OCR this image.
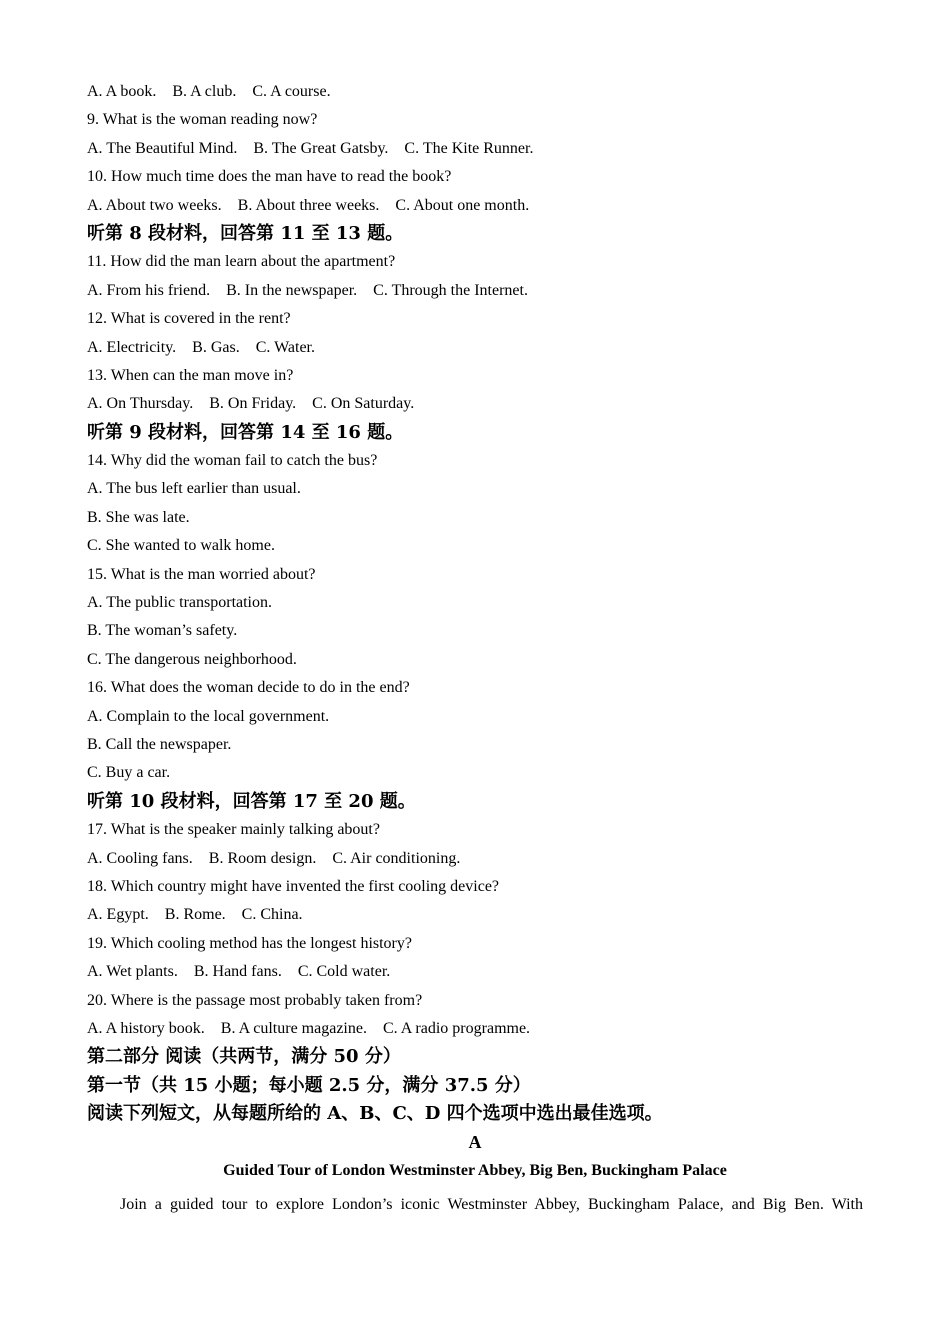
A. A book.    B. A club.    C. A course.
9. What is the woman reading now?
A. The Beautiful Mind.    B. The Great Gatsby.    C. The Kite Runner.
10. How much time does the man have to read the book?
A. About two weeks.    B. About three weeks.    C. About one month.
听第 8 段材料，回答第 11 至 13 题。
11. How did the man learn about the apartment?
A. From his friend.    B. In the newspaper.    C. Through the Internet.
12. What is covered in the rent?
A. Electricity.    B. Gas.    C. Water.
13. When can the man move in?
A. On Thursday.    B. On Friday.    C. On Saturday.
听第 9 段材料，回答第 14 至 16 题。
14. Why did the woman fail to catch the bus?
A. The bus left earlier than usual.
B. She was late.
C. She wanted to walk home.
15. What is the man worried about?
A. The public transportation.
B. The woman’s safety.
C. The dangerous neighborhood.
16. What does the woman decide to do in the end?
A. Complain to the local government.
B. Call the newspaper.
C. Buy a car.
听第 10 段材料，回答第 17 至 20 题。
17. What is the speaker mainly talking about?
A. Cooling fans.    B. Room design.    C. Air conditioning.
18. Which country might have invented the first cooling device?
A. Egypt.    B. Rome.    C. China.
19. Which cooling method has the longest history?
A. Wet plants.    B. Hand fans.    C. Cold water.
20. Where is the passage most probably taken from?
A. A history book.    B. A culture magazine.    C. A radio programme.
第二部分 阅读（共两节，满分 50 分）
第一节（共 15 小题；每小题 2.5 分，满分 37.5 分）
阅读下列短文，从每题所给的 A、B、C、D 四个选项中选出最佳选项。
A
Guided Tour of London Westminster Abbey, Big Ben, Buckingham Palace
Join a guided tour to explore London’s iconic Westminster Abbey, Buckingham Palace, and Big Ben. With
